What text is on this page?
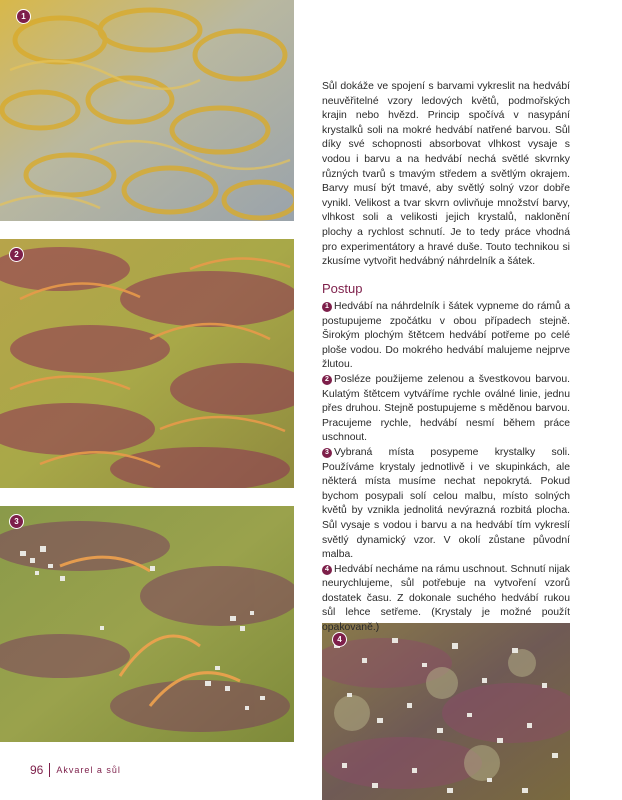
1
2
3
4

Sůl dokáže ve spojení s barvami vykreslit na hedvábí neuvěřitelné vzory ledových květů, podmořských krajin nebo hvězd. Princip spočívá v nasypání krystalků soli na mokré hedvábí natřené barvou. Sůl díky své schopnosti absorbovat vlhkost vysaje s vodou i barvu a na hedvábí nechá světlé skvrnky různých tvarů s tmavým středem a světlým okrajem. Barvy musí být tmavé, aby světlý solný vzor dobře vynikl. Velikost a tvar skvrn ovlivňuje množství barvy, vlhkost soli a velikosti jejich krystalů, naklonění plochy a rychlost schnutí. Je to tedy práce vhodná pro experimentátory a hravé duše. Touto technikou si zkusíme vytvořit hedvábný náhrdelník a šátek.

Postup

1 Hedvábí na náhrdelník i šátek vypneme do rámů a postupujeme zpočátku v obou případech stejně. Širokým plochým štětcem hedvábí potřeme po celé ploše vodou. Do mokrého hedvábí malujeme nejprve žlutou.

2 Posléze použijeme zelenou a švestkovou barvou. Kulatým štětcem vytváříme rychle oválné linie, jednu přes druhou. Stejně postupujeme s měděnou barvou. Pracujeme rychle, hedvábí nesmí během práce uschnout.

3 Vybraná místa posypeme krystalky soli. Používáme krystaly jednotlivě i ve skupinkách, ale některá místa musíme nechat nepokrytá. Pokud bychom posypali solí celou malbu, místo solných květů by vznikla jednolitá nevýrazná rozbitá plocha. Sůl vysaje s vodou i barvu a na hedvábí tím vykreslí světlý dynamický vzor. V okolí zůstane původní malba.

4 Hedvábí necháme na rámu uschnout. Schnutí nijak neurychlujeme, sůl potřebuje na vytvoření vzorů dostatek času. Z dokonale suchého hedvábí rukou sůl lehce setřeme. (Krystaly je možné použít opakovaně.)

96 Akvarel a sůl
